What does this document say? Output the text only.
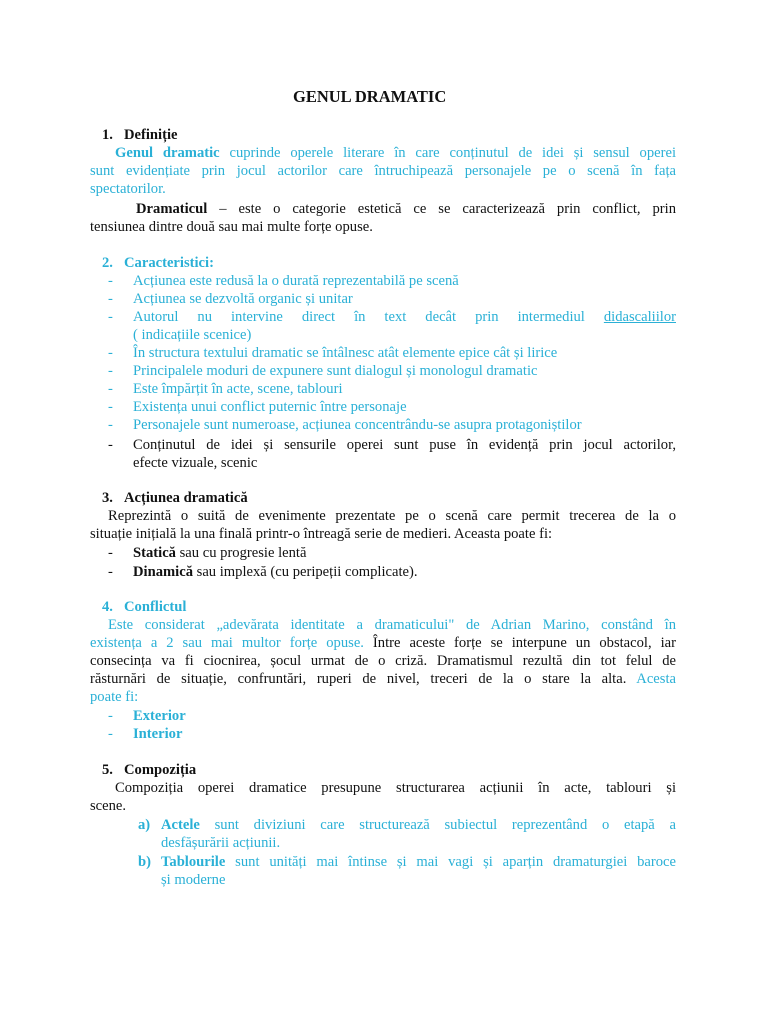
GENUL DRAMATIC
1. Definiție
Genul dramatic cuprinde operele literare în care conținutul de idei și sensul operei
sunt evidențiate prin jocul actorilor care întruchipează personajele pe o scenă în fața
spectatorilor.
Dramaticul – este o categorie estetică ce se caracterizează prin conflict, prin
tensiunea dintre două sau mai multe forțe opuse.
2. Caracteristici:
- Acțiunea este redusă la o durată reprezentabilă pe scenă
- Acțiunea se dezvoltă organic și unitar
- Autorul nu intervine direct în text decât prin intermediul didascaliilor
( indicațiile scenice)
- În structura textului dramatic se întâlnesc atât elemente epice cât și lirice
- Principalele moduri de expunere sunt dialogul și monologul dramatic
- Este împărțit în acte, scene, tablouri
- Existența unui conflict puternic între personaje
- Personajele sunt numeroase, acțiunea concentrându-se asupra protagoniștilor
- Conținutul de idei și sensurile operei sunt puse în evidență prin jocul actorilor,
efecte vizuale, scenic
3. Acțiunea dramatică
Reprezintă o suită de evenimente prezentate pe o scenă care permit trecerea de la o
situație inițială la una finală printr-o întreagă serie de medieri. Aceasta poate fi:
- Statică sau cu progresie lentă
- Dinamică sau implexă (cu peripeții complicate).
4. Conflictul
Este considerat „adevărata identitate a dramaticului" de Adrian Marino, constând în
existența a 2 sau mai multor forțe opuse. Între aceste forțe se interpune un obstacol, iar
consecința va fi ciocnirea, șocul urmat de o criză. Dramatismul rezultă din tot felul de
răsturnări de situație, confruntări, ruperi de nivel, treceri de la o stare la alta. Acesta
poate fi:
- Exterior
- Interior
5. Compoziția
Compoziția operei dramatice presupune structurarea acțiunii în acte, tablouri și
scene.
a) Actele sunt diviziuni care structurează subiectul reprezentând o etapă a
desfășurării acțiunii.
b) Tablourile sunt unități mai întinse și mai vagi și aparțin dramaturgiei baroce
și moderne
